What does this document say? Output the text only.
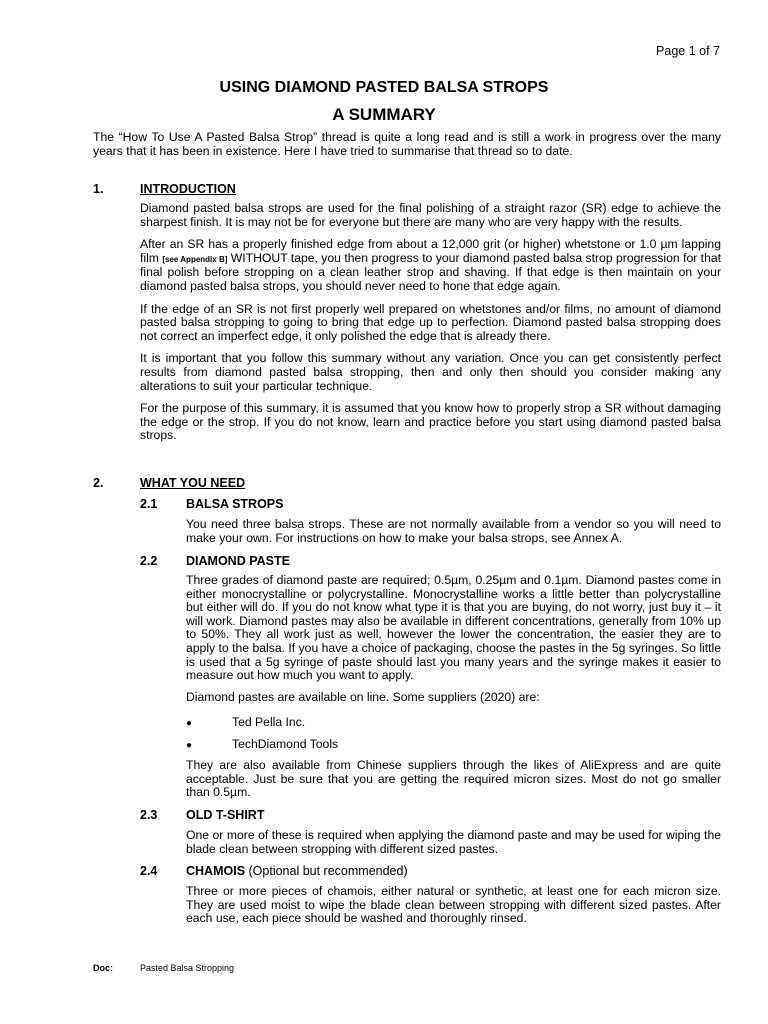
Page 1 of 7
USING DIAMOND PASTED BALSA STROPS
A SUMMARY

The “How To Use A Pasted Balsa Strop” thread is quite a long read and is still a work in progress over the many years that it has been in existence. Here I have tried to summarise that thread so to date.

1.	INTRODUCTION

Diamond pasted balsa strops are used for the final polishing of a straight razor (SR) edge to achieve the sharpest finish. It is may not be for everyone but there are many who are very happy with the results.

After an SR has a properly finished edge from about a 12,000 grit (or higher) whetstone or 1.0 µm lapping film [see Appendix B] WITHOUT tape, you then progress to your diamond pasted balsa strop progression for that final polish before stropping on a clean leather strop and shaving. If that edge is then maintain on your diamond pasted balsa strops, you should never need to hone that edge again.

If the edge of an SR is not first properly well prepared on whetstones and/or films, no amount of diamond pasted balsa stropping to going to bring that edge up to perfection. Diamond pasted balsa stropping does not correct an imperfect edge, it only polished the edge that is already there.

It is important that you follow this summary without any variation. Once you can get consistently perfect results from diamond pasted balsa stropping, then and only then should you consider making any alterations to suit your particular technique.

For the purpose of this summary, it is assumed that you know how to properly strop a SR without damaging the edge or the strop. If you do not know, learn and practice before you start using diamond pasted balsa strops.

2.	WHAT YOU NEED
2.1 BALSA STROPS

You need three balsa strops. These are not normally available from a vendor so you will need to make your own. For instructions on how to make your balsa strops, see Annex A.

2.2 DIAMOND PASTE

Three grades of diamond paste are required; 0.5µm, 0.25µm and 0.1µm. Diamond pastes come in either monocrystalline or polycrystalline. Monocrystalline works a little better than polycrystalline but either will do. If you do not know what type it is that you are buying, do not worry, just buy it – it will work. Diamond pastes may also be available in different concentrations, generally from 10% up to 50%. They all work just as well, however the lower the concentration, the easier they are to apply to the balsa. If you have a choice of packaging, choose the pastes in the 5g syringes. So little is used that a 5g syringe of paste should last you many years and the syringe makes it easier to measure out how much you want to apply.

Diamond pastes are available on line. Some suppliers (2020) are:

●	Ted Pella Inc.
●	TechDiamond Tools

They are also available from Chinese suppliers through the likes of AliExpress and are quite acceptable. Just be sure that you are getting the required micron sizes. Most do not go smaller than 0.5µm.

2.3 OLD T-SHIRT

One or more of these is required when applying the diamond paste and may be used for wiping the blade clean between stropping with different sized pastes.

2.4 CHAMOIS (Optional but recommended)

Three or more pieces of chamois, either natural or synthetic, at least one for each micron size. They are used moist to wipe the blade clean between stropping with different sized pastes. After each use, each piece should be washed and thoroughly rinsed.

Doc:	Pasted Balsa Stropping
